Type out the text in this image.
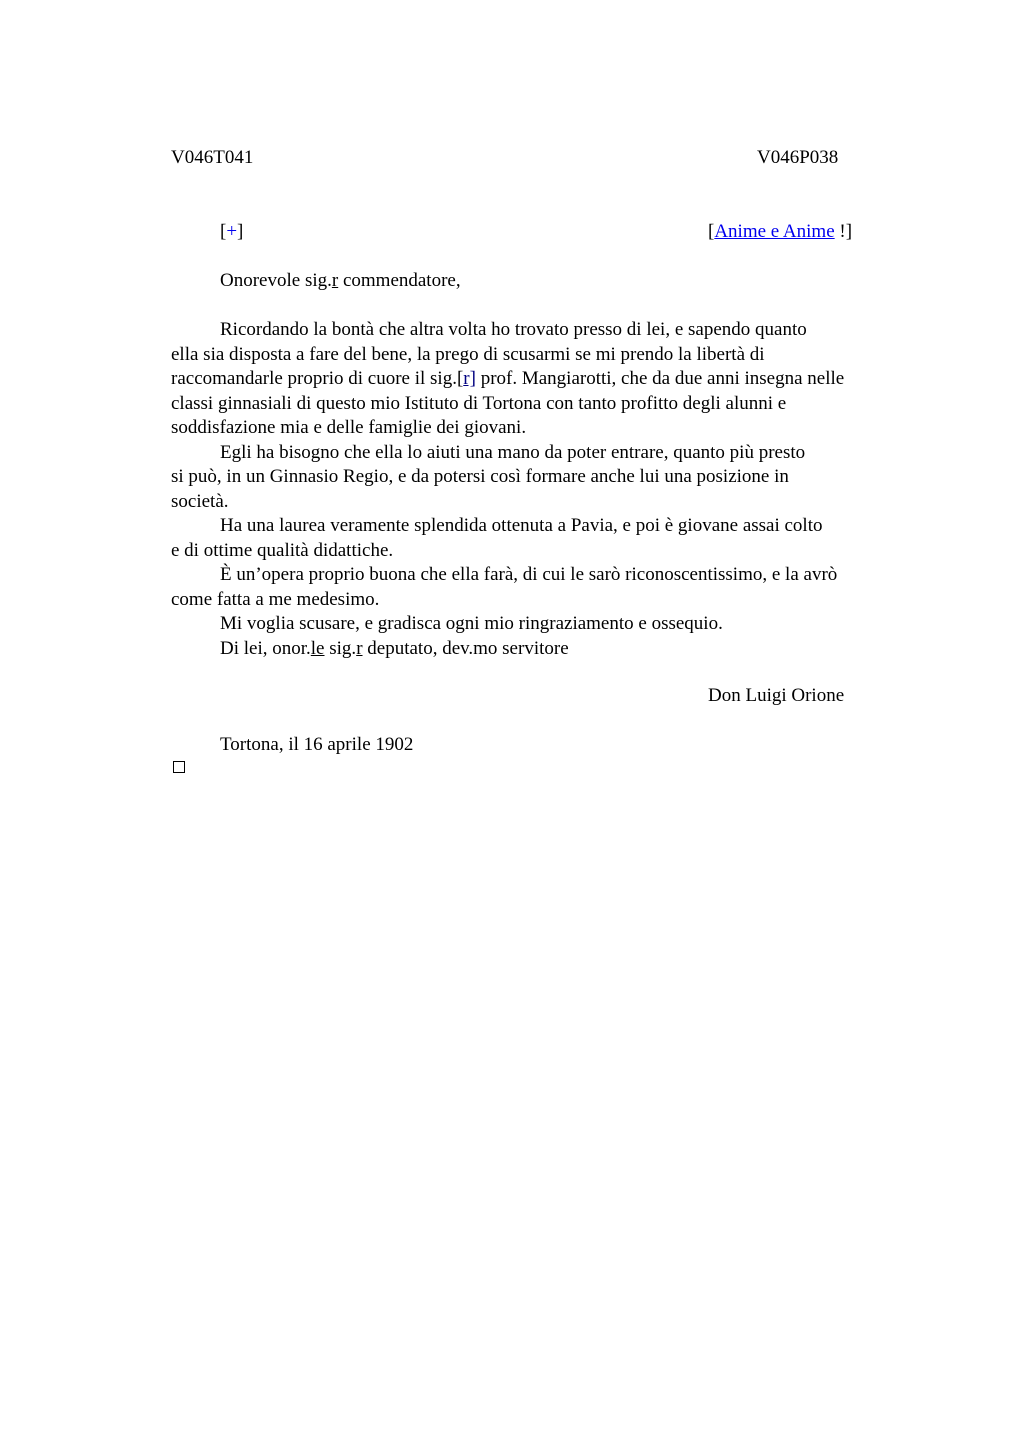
V046T041	V046P038
[+]	[Anime e Anime !]
Onorevole sig.r commendatore,
Ricordando la bontà che altra volta ho trovato presso di lei, e sapendo quanto
ella sia disposta a fare del bene, la prego di scusarmi se mi prendo la libertà di
raccomandarle proprio di cuore il sig.[r] prof. Mangiarotti, che da due anni insegna nelle
classi ginnasiali di questo mio Istituto di Tortona con tanto profitto degli alunni e
soddisfazione mia e delle famiglie dei giovani.
Egli ha bisogno che ella lo aiuti una mano da poter entrare, quanto più presto
si può, in un Ginnasio Regio, e da potersi così formare anche lui una posizione in
società.
Ha una laurea veramente splendida ottenuta a Pavia, e poi è giovane assai colto
e di ottime qualità didattiche.
È un’opera proprio buona che ella farà, di cui le sarò riconoscentissimo, e la avrò
come fatta a me medesimo.
Mi voglia scusare, e gradisca ogni mio ringraziamento e ossequio.
Di lei, onor.le sig.r deputato, dev.mo servitore
Don Luigi Orione
Tortona, il 16 aprile 1902
